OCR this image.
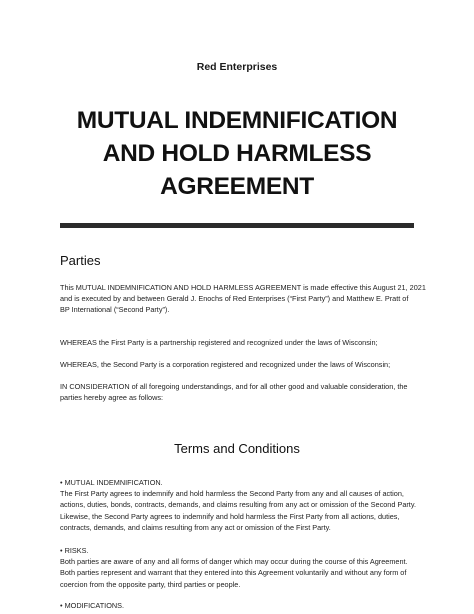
Red Enterprises
MUTUAL INDEMNIFICATION
AND HOLD HARMLESS
AGREEMENT
Parties
This MUTUAL INDEMNIFICATION AND HOLD HARMLESS AGREEMENT is made effective this August 21, 2021
and is executed by and between Gerald J. Enochs of Red Enterprises (“First Party”) and Matthew E. Pratt of
BP International (“Second Party”).
WHEREAS the First Party is a partnership registered and recognized under the laws of Wisconsin;
WHEREAS, the Second Party is a corporation registered and recognized under the laws of Wisconsin;
IN CONSIDERATION of all foregoing understandings, and for all other good and valuable consideration, the
parties hereby agree as follows:
Terms and Conditions
• MUTUAL INDEMNIFICATION.
The First Party agrees to indemnify and hold harmless the Second Party from any and all causes of action,
actions, duties, bonds, contracts, demands, and claims resulting from any act or omission of the Second Party.
Likewise, the Second Party agrees to indemnify and hold harmless the First Party from all actions, duties,
contracts, demands, and claims resulting from any act or omission of the First Party.
• RISKS.
Both parties are aware of any and all forms of danger which may occur during the course of this Agreement.
Both parties represent and warrant that they entered into this Agreement voluntarily and without any form of
coercion from the opposite party, third parties or people.
• MODIFICATIONS.
